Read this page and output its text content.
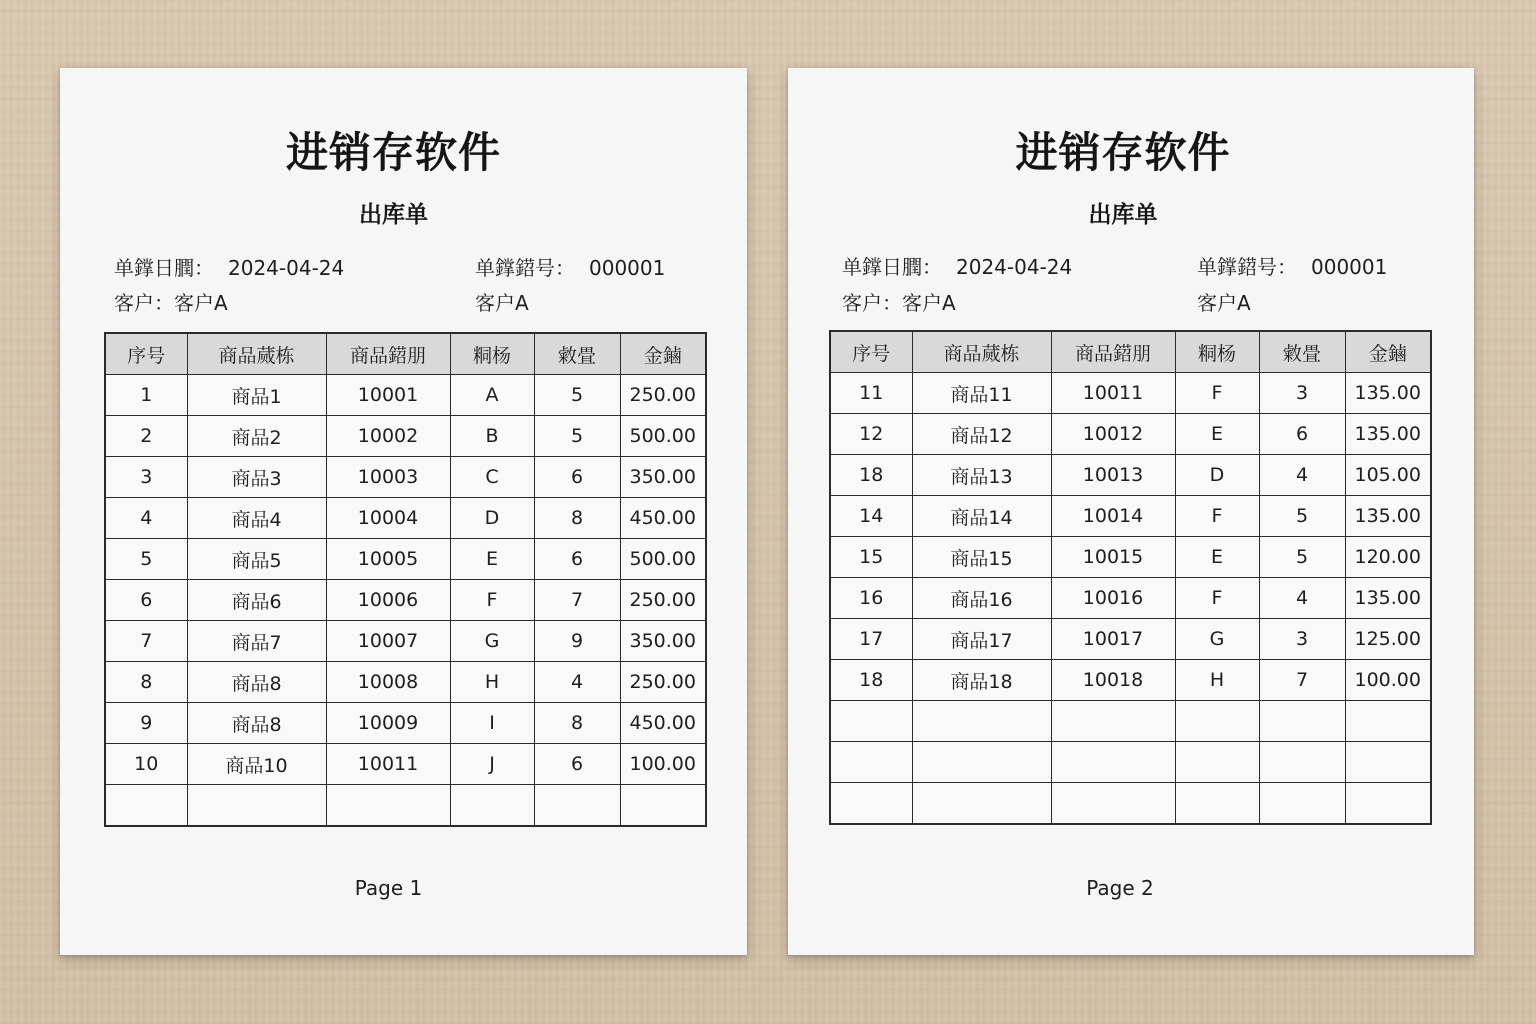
进销存软件
出库单
单鐣日膶： 2024-04-24	单鐣鍣号： 000001
客户：客户A	客户A
序号	商品蒇栋	商品鍣朋	粡杨	敹畳	金鏀
1	商品1	10001	A	5	250.00
2	商品2	10002	B	5	500.00
3	商品3	10003	C	6	350.00
4	商品4	10004	D	8	450.00
5	商品5	10005	E	6	500.00
6	商品6	10006	F	7	250.00
7	商品7	10007	G	9	350.00
8	商品8	10008	H	4	250.00
9	商品8	10009	I	8	450.00
10	商品10	10011	J	6	100.00

Page 1
进销存软件
出库单
单鐣日膶： 2024-04-24	单鐣鍣号： 000001
客户：客户A	客户A
序号	商品蒇栋	商品鍣朋	粡杨	敹畳	金鏀
11	商品11	10011	F	3	135.00
12	商品12	10012	E	6	135.00
18	商品13	10013	D	4	105.00
14	商品14	10014	F	5	135.00
15	商品15	10015	E	5	120.00
16	商品16	10016	F	4	135.00
17	商品17	10017	G	3	125.00
18	商品18	10018	H	7	100.00

Page 2
